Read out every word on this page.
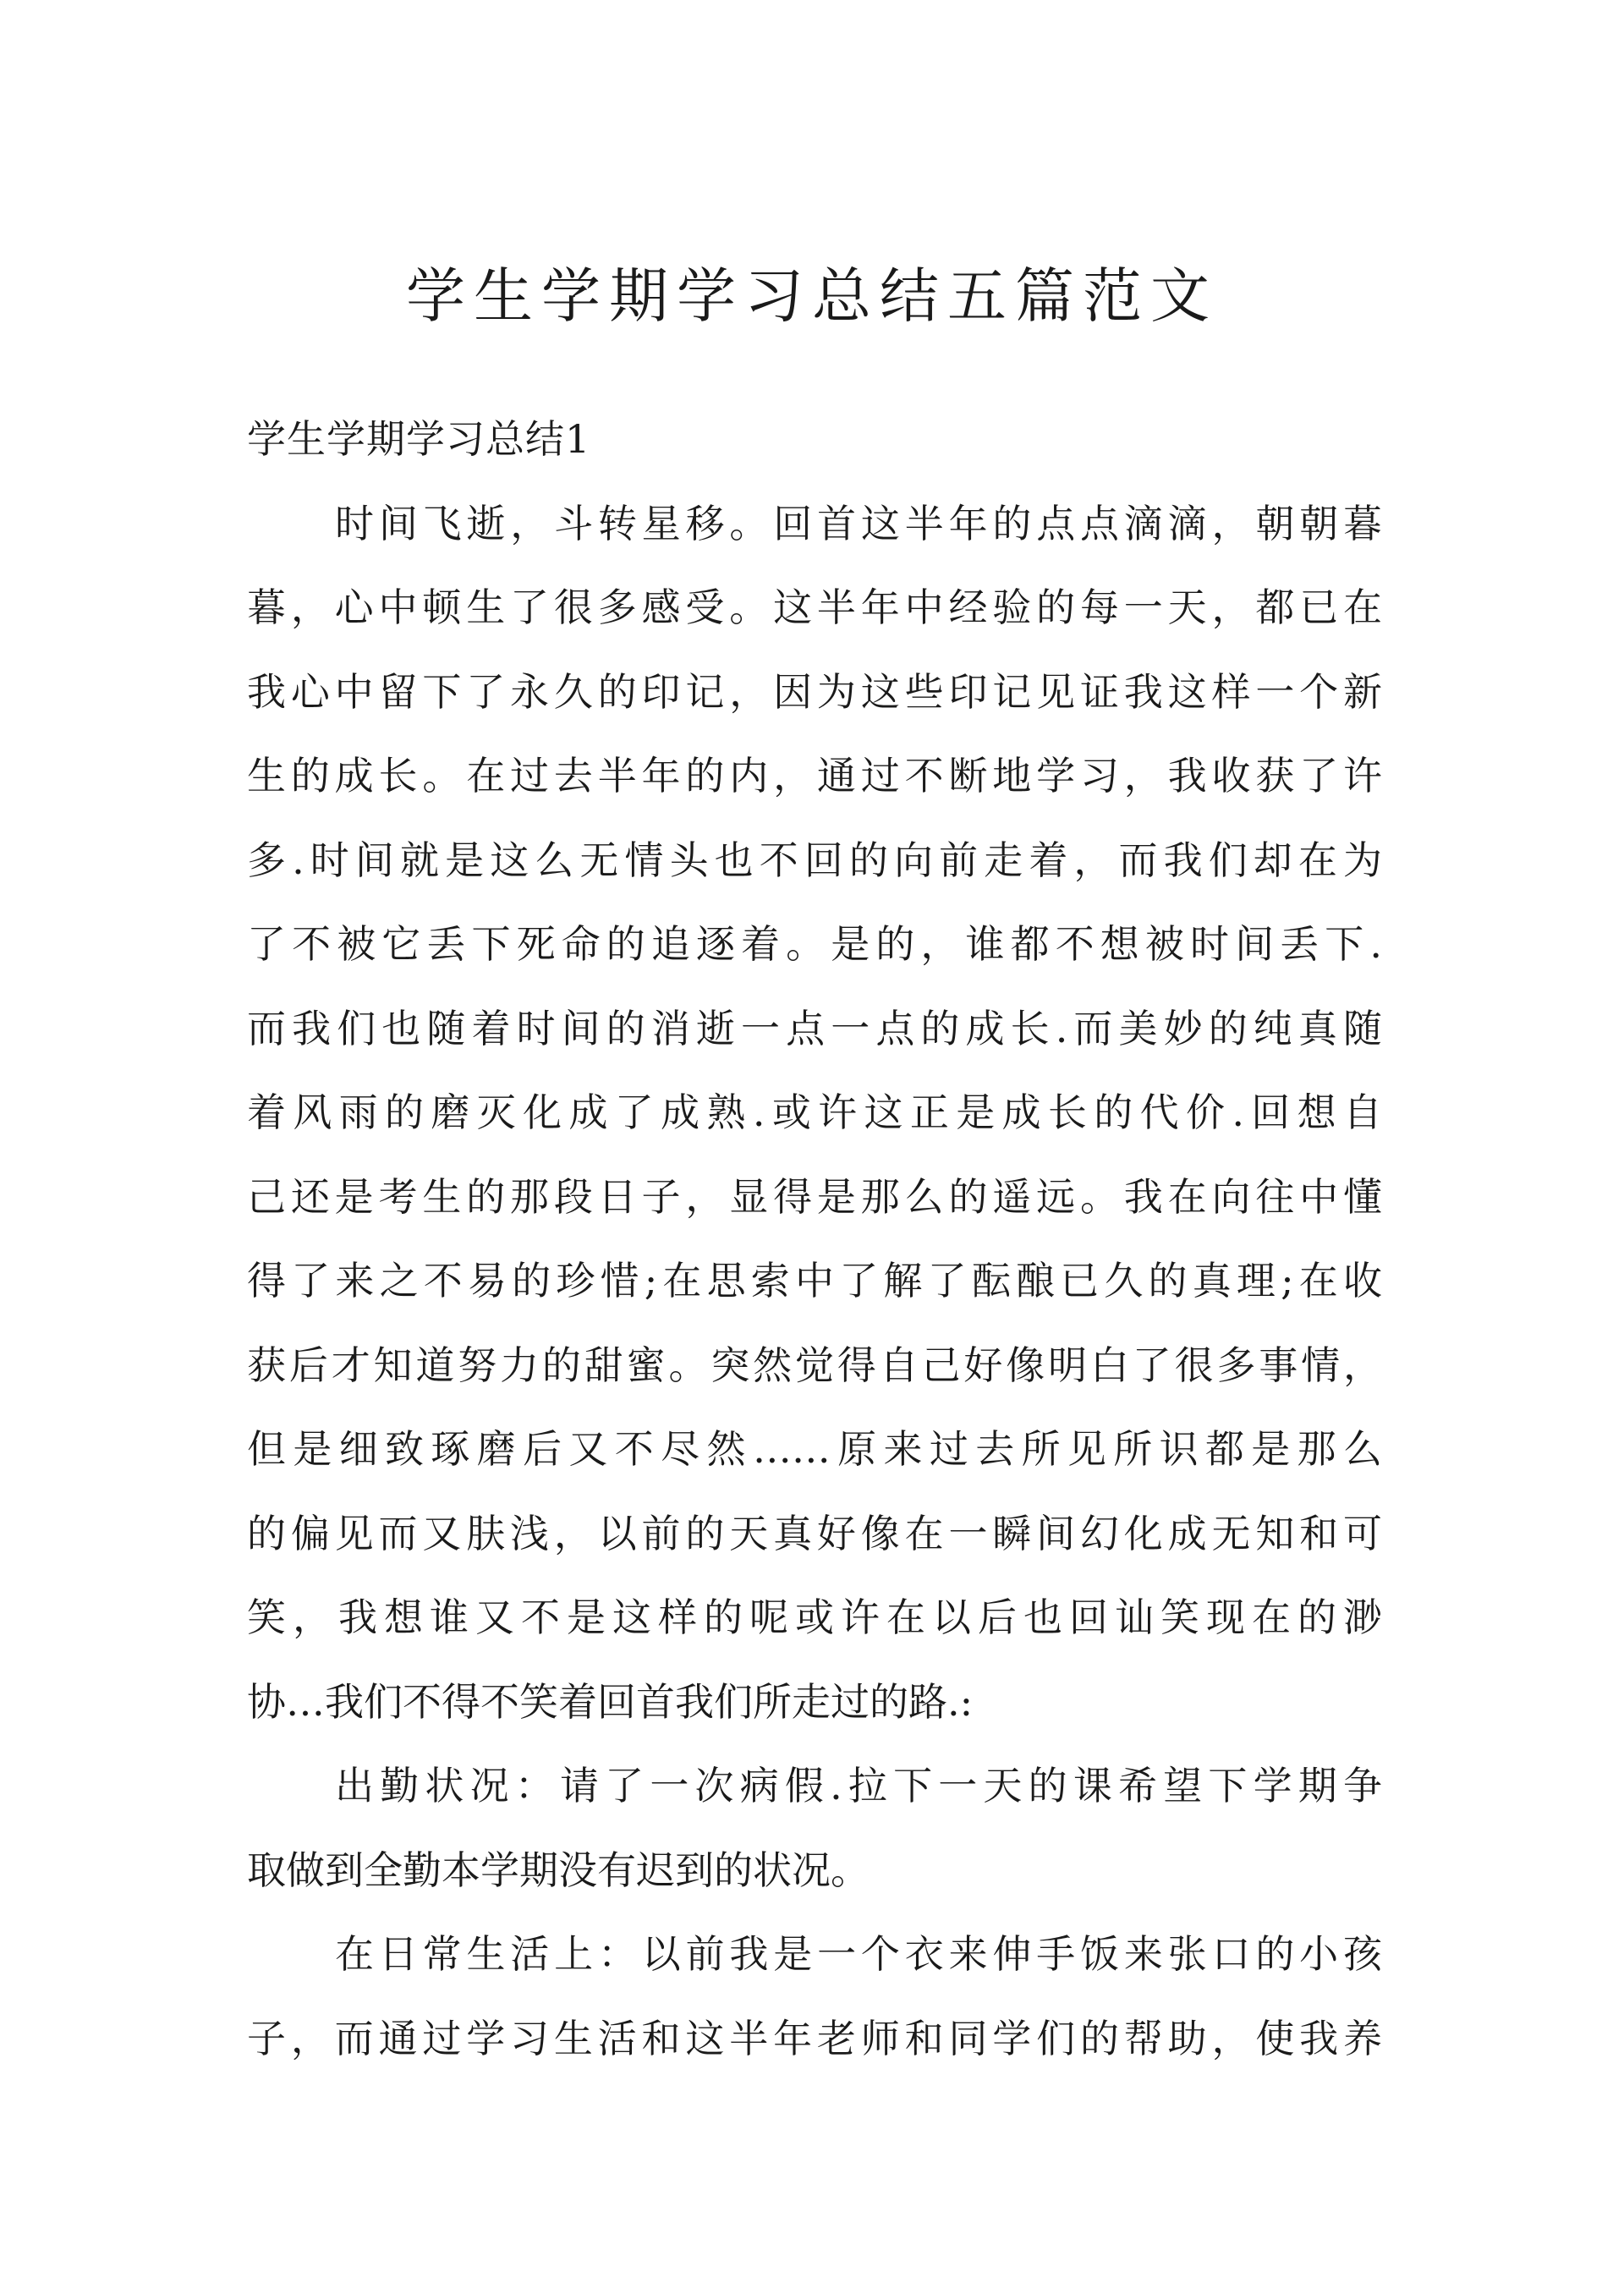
学生学期学习总结五篇范文
学生学期学习总结1
时间飞逝，斗转星移。回首这半年的点点滴滴，朝朝暮
暮，心中顿生了很多感受。这半年中经验的每一天，都已在
我心中留下了永久的印记，因为这些印记见证我这样一个新
生的成长。在过去半年的内，通过不断地学习，我收获了许
多.时间就是这么无情头也不回的向前走着，而我们却在为
了不被它丢下死命的追逐着。是的，谁都不想被时间丢下.
而我们也随着时间的消逝一点一点的成长.而美妙的纯真随
着风雨的磨灭化成了成熟.或许这正是成长的代价.回想自
己还是考生的那段日子，显得是那么的遥远。我在向往中懂
得了来之不易的珍惜;在思索中了解了酝酿已久的真理;在收
获后才知道努力的甜蜜。突然觉得自己好像明白了很多事情，
但是细致琢磨后又不尽然……原来过去所见所识都是那么
的偏见而又肤浅，以前的天真好像在一瞬间幻化成无知和可
笑，我想谁又不是这样的呢或许在以后也回讪笑现在的渺
协…我们不得不笑着回首我们所走过的路.:
出勤状况：请了一次病假.拉下一天的课希望下学期争
取做到全勤本学期没有迟到的状况。
在日常生活上：以前我是一个衣来伸手饭来张口的小孩
子，而通过学习生活和这半年老师和同学们的帮助，使我养
